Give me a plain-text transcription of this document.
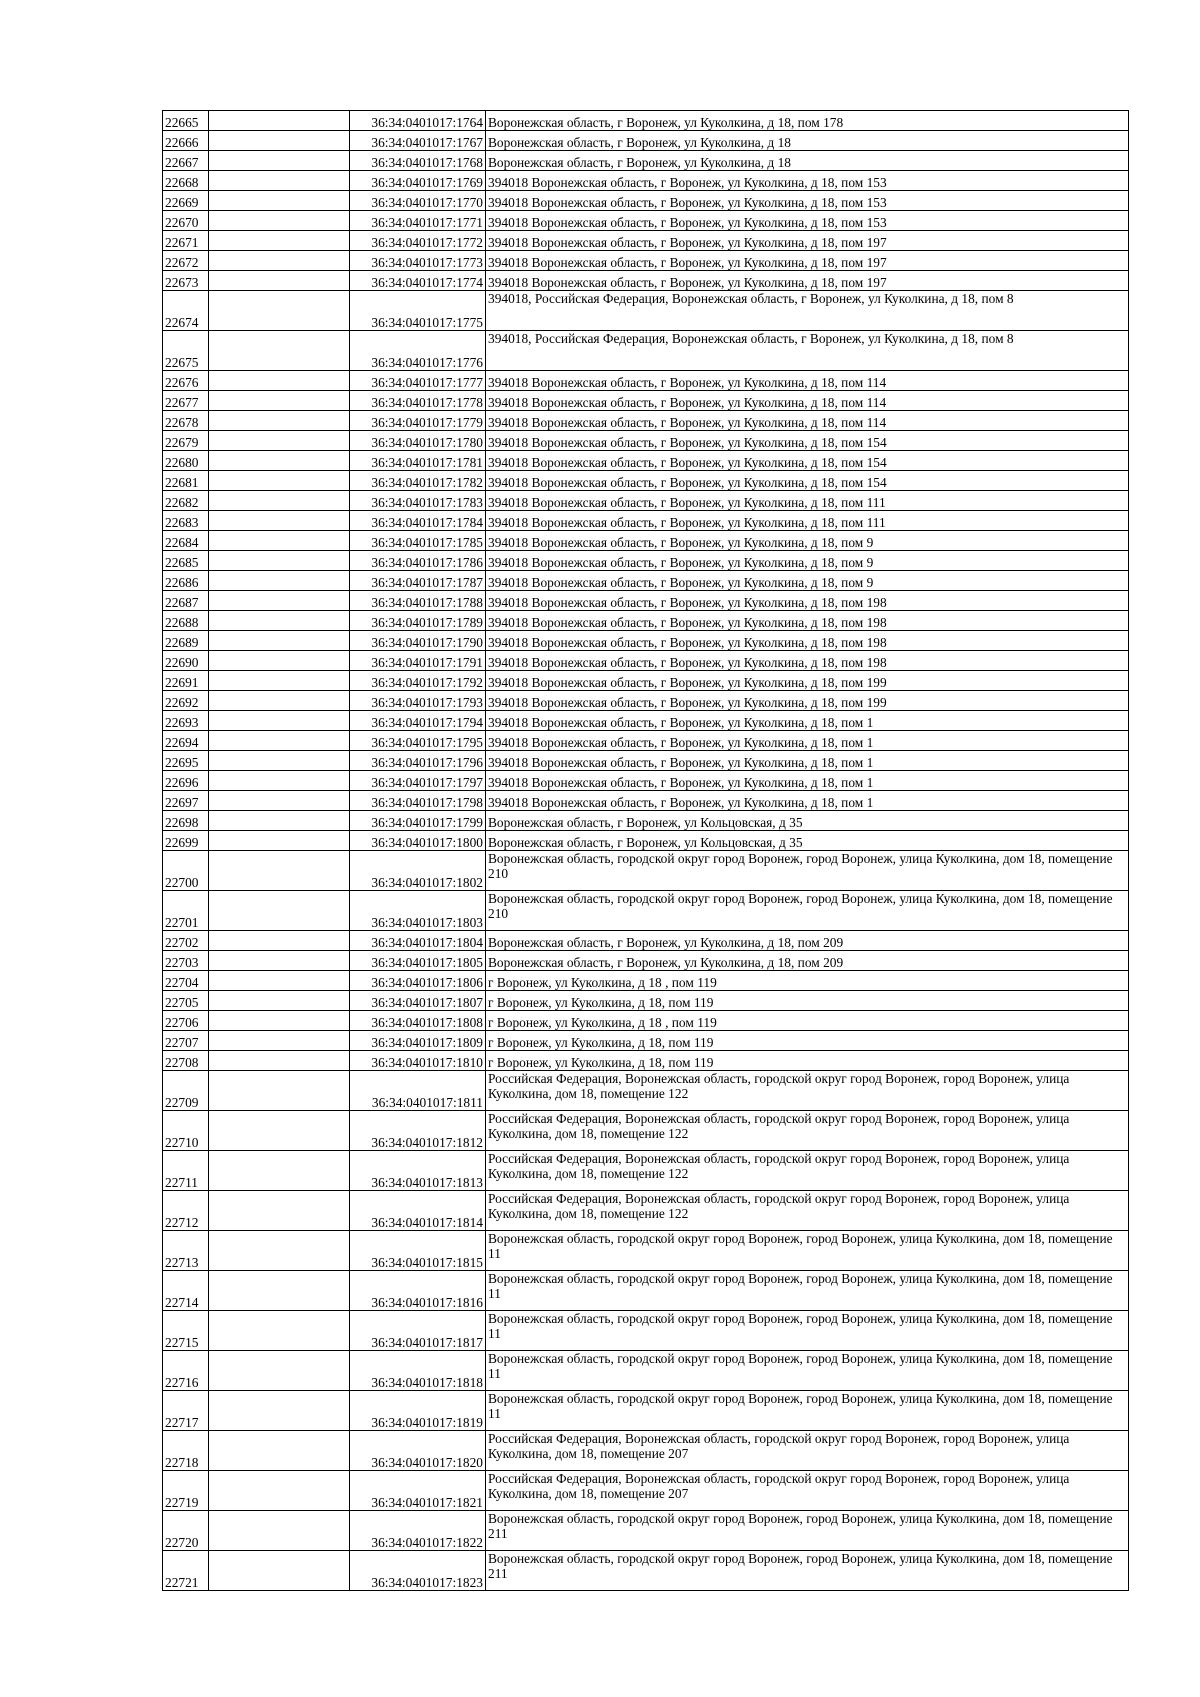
22665		36:34:0401017:1764	Воронежская область, г Воронеж, ул Куколкина, д 18, пом 178
22666		36:34:0401017:1767	Воронежская область, г Воронеж, ул Куколкина, д 18
22667		36:34:0401017:1768	Воронежская область, г Воронеж, ул Куколкина, д 18
22668		36:34:0401017:1769	394018 Воронежская область, г Воронеж, ул Куколкина, д 18, пом 153
22669		36:34:0401017:1770	394018 Воронежская область, г Воронеж, ул Куколкина, д 18, пом 153
22670		36:34:0401017:1771	394018 Воронежская область, г Воронеж, ул Куколкина, д 18, пом 153
22671		36:34:0401017:1772	394018 Воронежская область, г Воронеж, ул Куколкина, д 18, пом 197
22672		36:34:0401017:1773	394018 Воронежская область, г Воронеж, ул Куколкина, д 18, пом 197
22673		36:34:0401017:1774	394018 Воронежская область, г Воронеж, ул Куколкина, д 18, пом 197
22674		36:34:0401017:1775	394018, Российская Федерация, Воронежская область, г Воронеж, ул Куколкина, д 18, пом 8
22675		36:34:0401017:1776	394018, Российская Федерация, Воронежская область, г Воронеж, ул Куколкина, д 18, пом 8
22676		36:34:0401017:1777	394018 Воронежская область, г Воронеж, ул Куколкина, д 18, пом 114
22677		36:34:0401017:1778	394018 Воронежская область, г Воронеж, ул Куколкина, д 18, пом 114
22678		36:34:0401017:1779	394018 Воронежская область, г Воронеж, ул Куколкина, д 18, пом 114
22679		36:34:0401017:1780	394018 Воронежская область, г Воронеж, ул Куколкина, д 18, пом 154
22680		36:34:0401017:1781	394018 Воронежская область, г Воронеж, ул Куколкина, д 18, пом 154
22681		36:34:0401017:1782	394018 Воронежская область, г Воронеж, ул Куколкина, д 18, пом 154
22682		36:34:0401017:1783	394018 Воронежская область, г Воронеж, ул Куколкина, д 18, пом 111
22683		36:34:0401017:1784	394018 Воронежская область, г Воронеж, ул Куколкина, д 18, пом 111
22684		36:34:0401017:1785	394018 Воронежская область, г Воронеж, ул Куколкина, д 18, пом 9
22685		36:34:0401017:1786	394018 Воронежская область, г Воронеж, ул Куколкина, д 18, пом 9
22686		36:34:0401017:1787	394018 Воронежская область, г Воронеж, ул Куколкина, д 18, пом 9
22687		36:34:0401017:1788	394018 Воронежская область, г Воронеж, ул Куколкина, д 18, пом 198
22688		36:34:0401017:1789	394018 Воронежская область, г Воронеж, ул Куколкина, д 18, пом 198
22689		36:34:0401017:1790	394018 Воронежская область, г Воронеж, ул Куколкина, д 18, пом 198
22690		36:34:0401017:1791	394018 Воронежская область, г Воронеж, ул Куколкина, д 18, пом 198
22691		36:34:0401017:1792	394018 Воронежская область, г Воронеж, ул Куколкина, д 18, пом 199
22692		36:34:0401017:1793	394018 Воронежская область, г Воронеж, ул Куколкина, д 18, пом 199
22693		36:34:0401017:1794	394018 Воронежская область, г Воронеж, ул Куколкина, д 18, пом 1
22694		36:34:0401017:1795	394018 Воронежская область, г Воронеж, ул Куколкина, д 18, пом 1
22695		36:34:0401017:1796	394018 Воронежская область, г Воронеж, ул Куколкина, д 18, пом 1
22696		36:34:0401017:1797	394018 Воронежская область, г Воронеж, ул Куколкина, д 18, пом 1
22697		36:34:0401017:1798	394018 Воронежская область, г Воронеж, ул Куколкина, д 18, пом 1
22698		36:34:0401017:1799	Воронежская область, г Воронеж, ул Кольцовская, д 35
22699		36:34:0401017:1800	Воронежская область, г Воронеж, ул Кольцовская, д 35
22700		36:34:0401017:1802	Воронежская область, городской округ город Воронеж, город Воронеж, улица Куколкина, дом 18, помещение 210
22701		36:34:0401017:1803	Воронежская область, городской округ город Воронеж, город Воронеж, улица Куколкина, дом 18, помещение 210
22702		36:34:0401017:1804	Воронежская область, г Воронеж, ул Куколкина, д 18, пом 209
22703		36:34:0401017:1805	Воронежская область, г Воронеж, ул Куколкина, д 18, пом 209
22704		36:34:0401017:1806	г Воронеж, ул Куколкина, д 18 , пом 119
22705		36:34:0401017:1807	г Воронеж, ул Куколкина, д 18, пом 119
22706		36:34:0401017:1808	г Воронеж, ул Куколкина, д 18 , пом 119
22707		36:34:0401017:1809	г Воронеж, ул Куколкина, д 18, пом 119
22708		36:34:0401017:1810	г Воронеж, ул Куколкина, д 18, пом 119
22709		36:34:0401017:1811	Российская Федерация, Воронежская область, городской округ город Воронеж, город Воронеж, улица Куколкина, дом 18, помещение 122
22710		36:34:0401017:1812	Российская Федерация, Воронежская область, городской округ город Воронеж, город Воронеж, улица Куколкина, дом 18, помещение 122
22711		36:34:0401017:1813	Российская Федерация, Воронежская область, городской округ город Воронеж, город Воронеж, улица Куколкина, дом 18, помещение 122
22712		36:34:0401017:1814	Российская Федерация, Воронежская область, городской округ город Воронеж, город Воронеж, улица Куколкина, дом 18, помещение 122
22713		36:34:0401017:1815	Воронежская область, городской округ город Воронеж, город Воронеж, улица Куколкина, дом 18, помещение 11
22714		36:34:0401017:1816	Воронежская область, городской округ город Воронеж, город Воронеж, улица Куколкина, дом 18, помещение 11
22715		36:34:0401017:1817	Воронежская область, городской округ город Воронеж, город Воронеж, улица Куколкина, дом 18, помещение 11
22716		36:34:0401017:1818	Воронежская область, городской округ город Воронеж, город Воронеж, улица Куколкина, дом 18, помещение 11
22717		36:34:0401017:1819	Воронежская область, городской округ город Воронеж, город Воронеж, улица Куколкина, дом 18, помещение 11
22718		36:34:0401017:1820	Российская Федерация, Воронежская область, городской округ город Воронеж, город Воронеж, улица Куколкина, дом 18, помещение 207
22719		36:34:0401017:1821	Российская Федерация, Воронежская область, городской округ город Воронеж, город Воронеж, улица Куколкина, дом 18, помещение 207
22720		36:34:0401017:1822	Воронежская область, городской округ город Воронеж, город Воронеж, улица Куколкина, дом 18, помещение 211
22721		36:34:0401017:1823	Воронежская область, городской округ город Воронеж, город Воронеж, улица Куколкина, дом 18, помещение 211
